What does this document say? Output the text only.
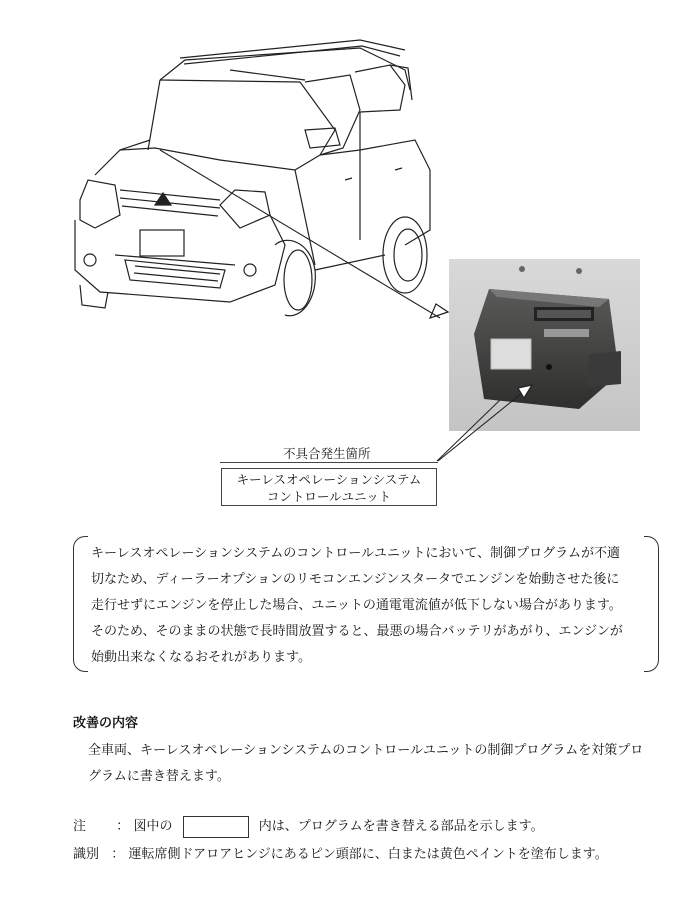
不具合発生箇所
キーレスオペレーションシステム
コントロールユニット
キーレスオペレーションシステムのコントロールユニットにおいて、制御プログラムが不適
切なため、ディーラーオプションのリモコンエンジンスタータでエンジンを始動させた後に
走行せずにエンジンを停止した場合、ユニットの通電電流値が低下しない場合があります。
そのため、そのままの状態で長時間放置すると、最悪の場合バッテリがあがり、エンジンが
始動出来なくなるおそれがあります。
改善の内容
全車両、キーレスオペレーションシステムのコントロールユニットの制御プログラムを対策プロ
グラムに書き替えます。
注 ： 図中の	内は、プログラムを書き替える部品を示します。
識別 ： 運転席側ドアロアヒンジにあるピン頭部に、白または黄色ペイントを塗布します。
